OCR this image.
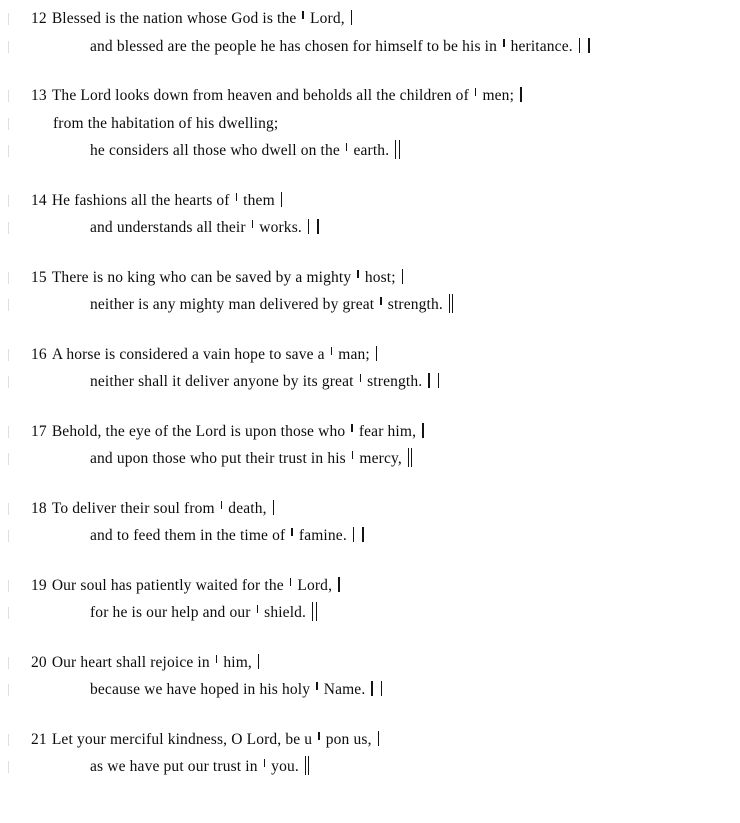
12 Blessed is the nation whose God is the  Lord,
and blessed are the people he has chosen for himself to be his in  heritance.
13 The Lord looks down from heaven and beholds all the children of  men;
from the habitation of his dwelling;
he considers all those who dwell on the  earth.
14 He fashions all the hearts of  them
and understands all their  works.
15 There is no king who can be saved by a mighty  host;
neither is any mighty man delivered by great  strength.
16 A horse is considered a vain hope to save a  man;
neither shall it deliver anyone by its great  strength.
17 Behold, the eye of the Lord is upon those who  fear him,
and upon those who put their trust in his  mercy,
18 To deliver their soul from  death,
and to feed them in the time of  famine.
19 Our soul has patiently waited for the  Lord,
for he is our help and our  shield.
20 Our heart shall rejoice in  him,
because we have hoped in his holy  Name.
21 Let your merciful kindness, O Lord, be u  pon us,
as we have put our trust in  you.
